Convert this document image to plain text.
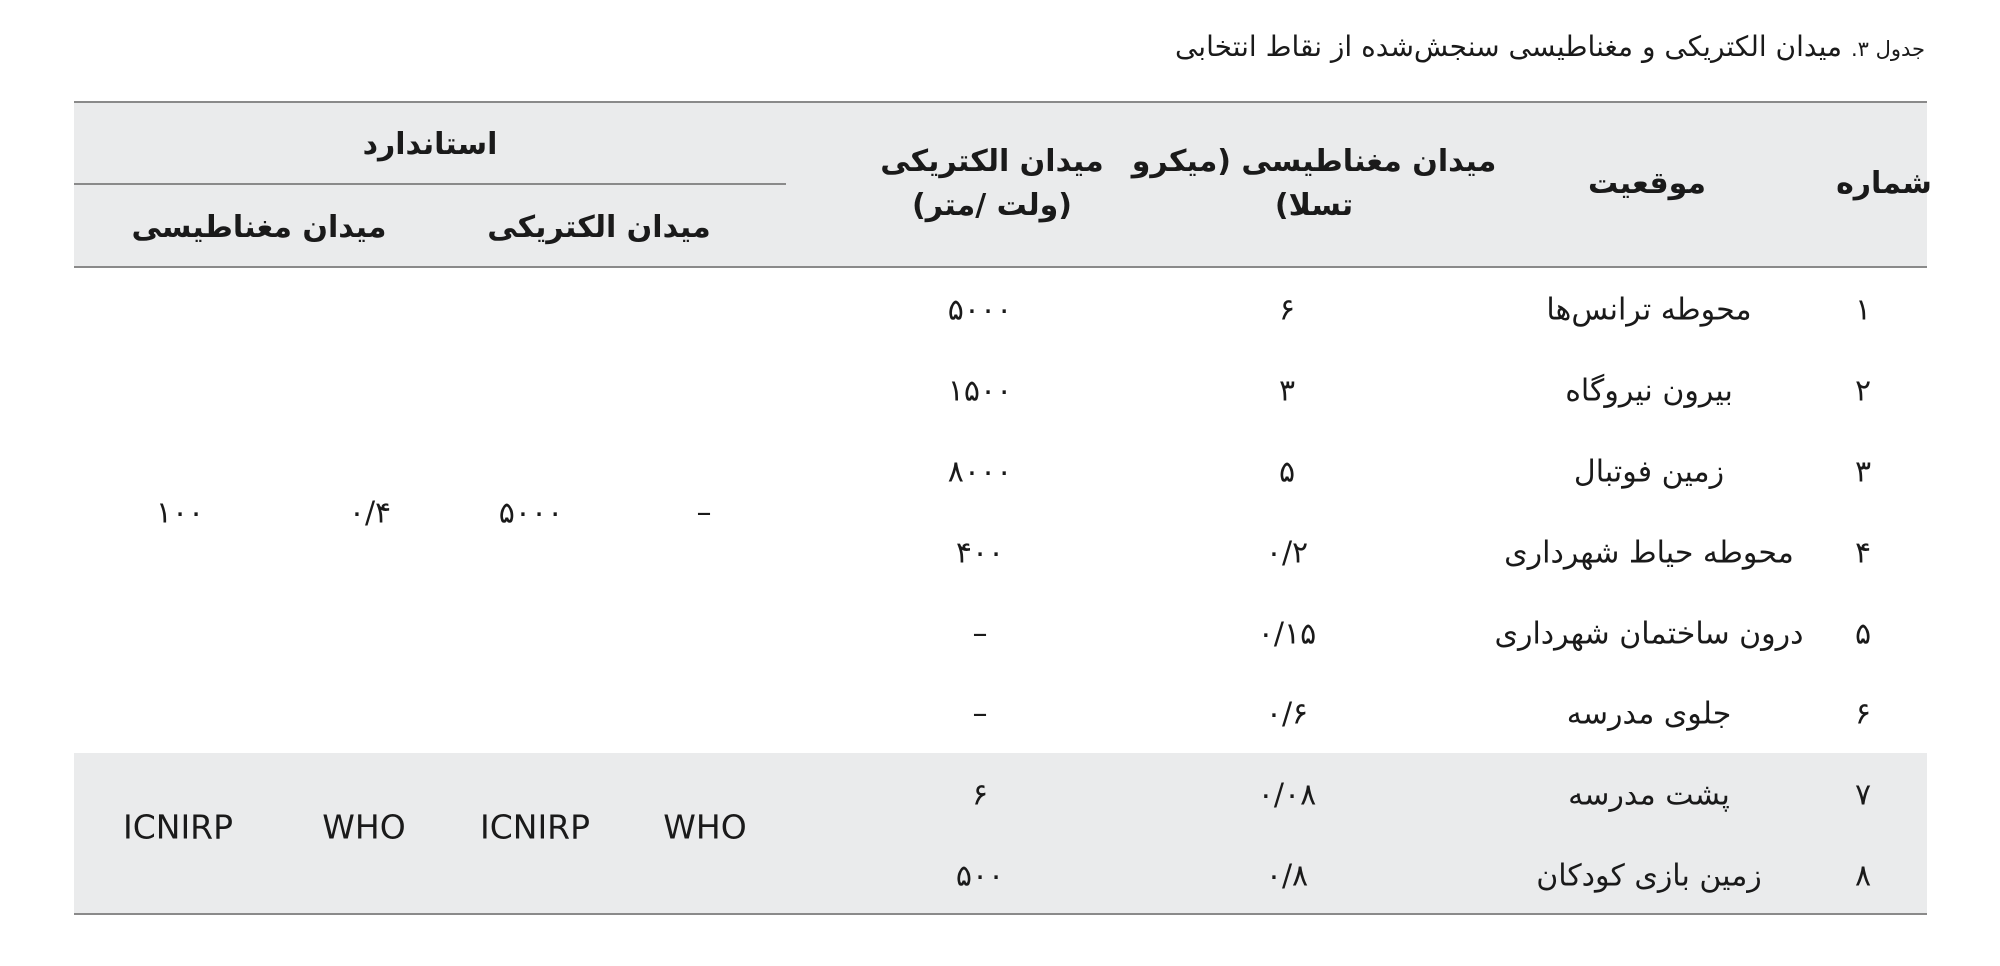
جدول ۳. میدان الکتریکی و مغناطیسی سنجش‌شده از نقاط انتخابی
شماره
موقعیت
میدان مغناطیسی (میکرو
تسلا)
میدان الکتریکی
(ولت /متر)
استاندارد
میدان الکتریکی
میدان مغناطیسی
۱
محوطه ترانس‌ها
۶
۵۰۰۰
۲
بیرون نیروگاه
۳
۱۵۰۰
۳
زمین فوتبال
۵
۸۰۰۰
۴
محوطه حیاط شهرداری
۰/۲
۴۰۰
۵
درون ساختمان شهرداری
۰/۱۵
–
۶
جلوی مدرسه
۰/۶
–
۷
پشت مدرسه
۰/۰۸
۶
۸
زمین بازی کودکان
۰/۸
۵۰۰
–
۵۰۰۰
۰/۴
۱۰۰
WHO
ICNIRP
WHO
ICNIRP
